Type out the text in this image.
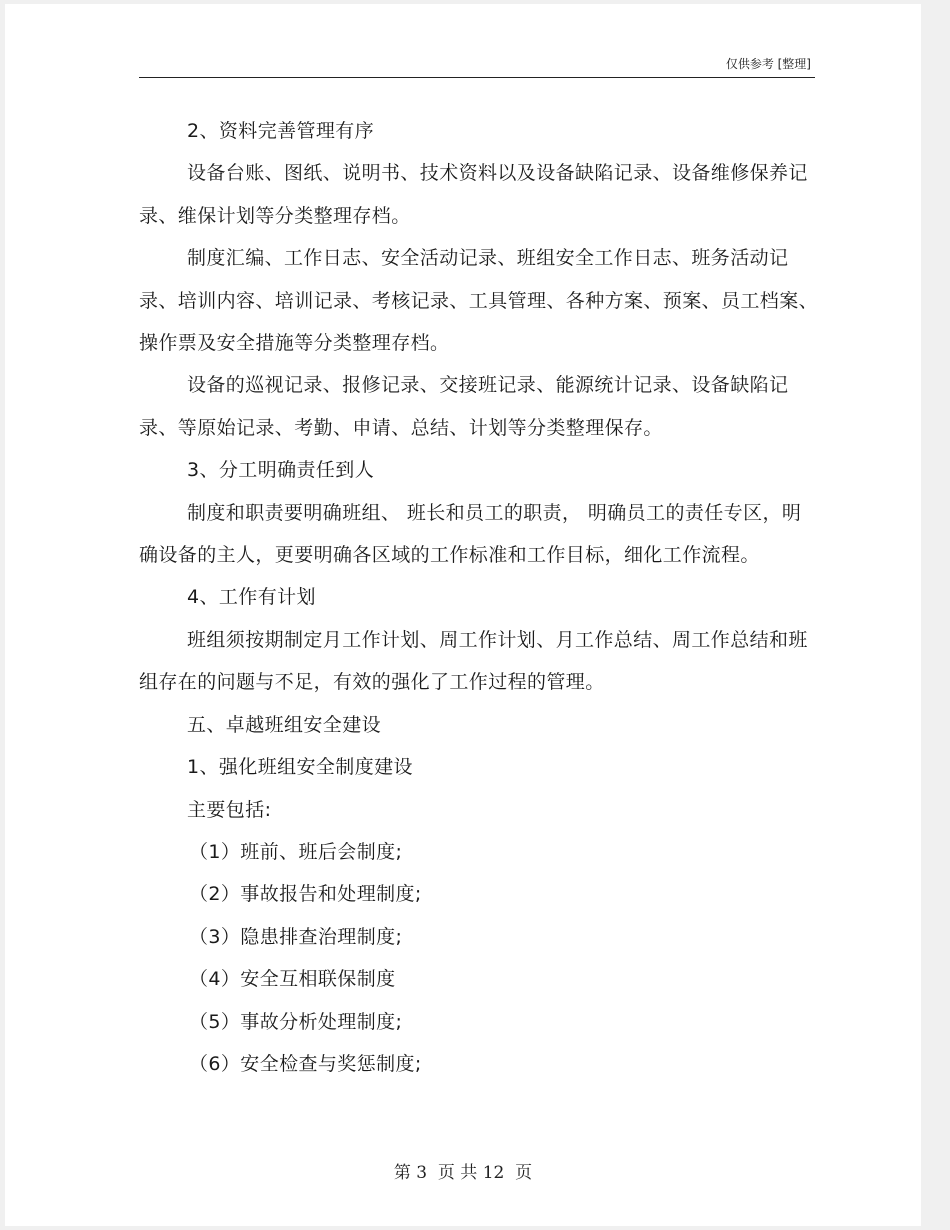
仅供参考 [整理]

2、资料完善管理有序

设备台账、图纸、说明书、技术资料以及设备缺陷记录、设备维修保养记录、维保计划等分类整理存档。

制度汇编、工作日志、安全活动记录、班组安全工作日志、班务活动记录、培训内容、培训记录、考核记录、工具管理、各种方案、预案、员工档案、操作票及安全措施等分类整理存档。

设备的巡视记录、报修记录、交接班记录、能源统计记录、设备缺陷记录、等原始记录、考勤、申请、总结、计划等分类整理保存。

3、分工明确责任到人

制度和职责要明确班组、 班长和员工的职责， 明确员工的责任专区，明确设备的主人，更要明确各区域的工作标准和工作目标，细化工作流程。

4、工作有计划

班组须按期制定月工作计划、周工作计划、月工作总结、周工作总结和班组存在的问题与不足，有效的强化了工作过程的管理。

五、卓越班组安全建设

1、强化班组安全制度建设

主要包括:

（1）班前、班后会制度;

（2）事故报告和处理制度;

（3）隐患排查治理制度;

（4）安全互相联保制度

（5）事故分析处理制度;

（6）安全检查与奖惩制度;

第 3  页 共 12  页
